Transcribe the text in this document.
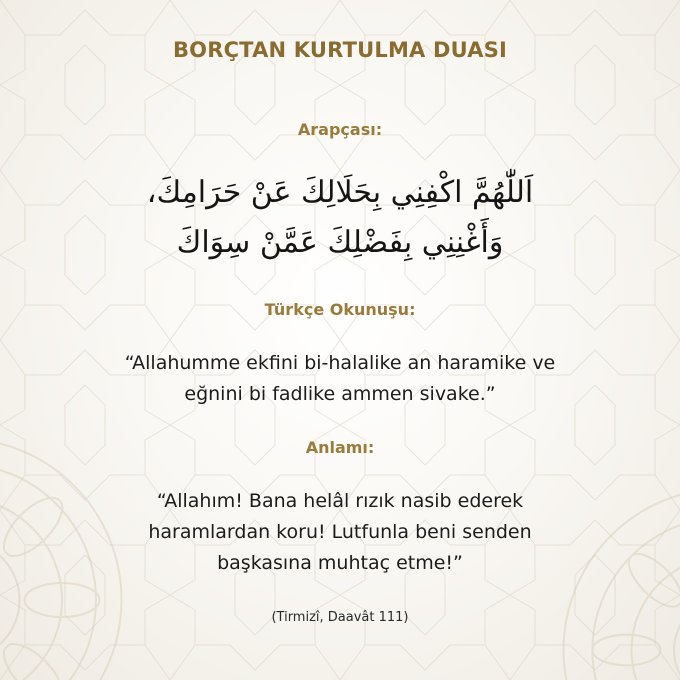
BORÇTAN KURTULMA DUASI
Arapçası:
اَللّٰهُمَّ اكْفِنِي بِحَلَالِكَ عَنْ حَرَامِكَ،
وَأَغْنِنِي بِفَضْلِكَ عَمَّنْ سِوَاكَ
Türkçe Okunuşu:
“Allahumme ekfini bi-halalike an haramike ve
eğnini bi fadlike ammen sivake.”
Anlamı:
“Allahım! Bana helâl rızık nasib ederek
haramlardan koru! Lutfunla beni senden
başkasına muhtaç etme!”
(Tirmizî, Daavât 111)
